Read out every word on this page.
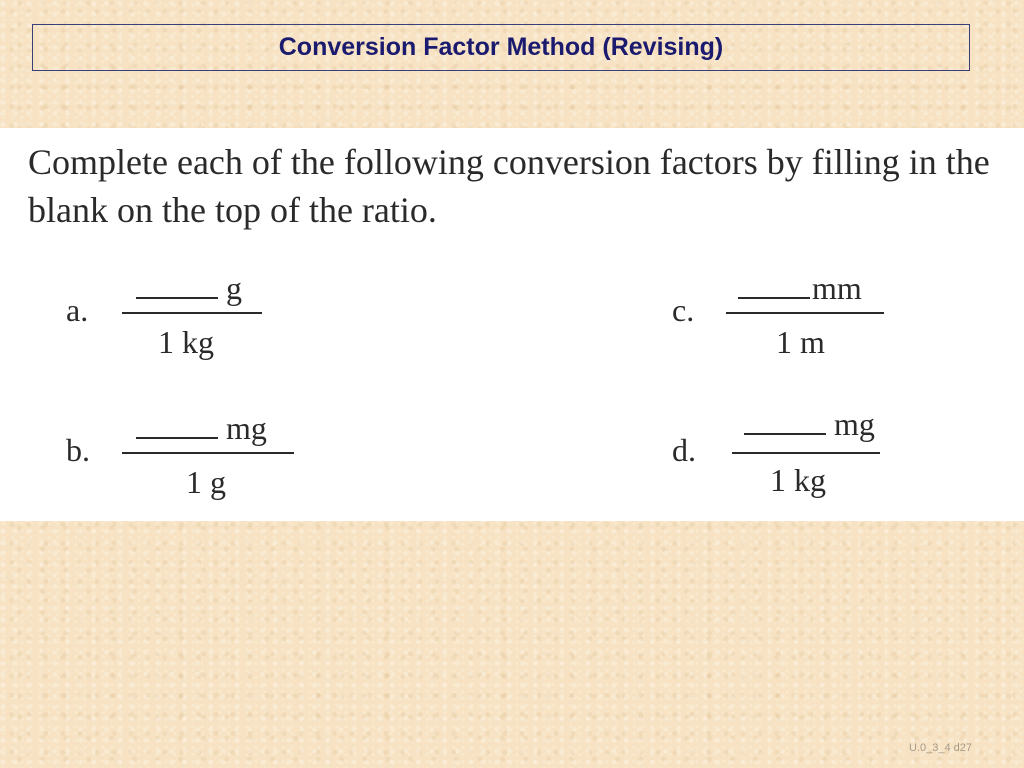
Conversion Factor Method (Revising)
Complete each of the following conversion factors by filling in the blank on the top of the ratio.
a.
g
1 kg
b.
mg
1 g
c.
mm
1 m
d.
mg
1 kg
U.0_3_4 d27
